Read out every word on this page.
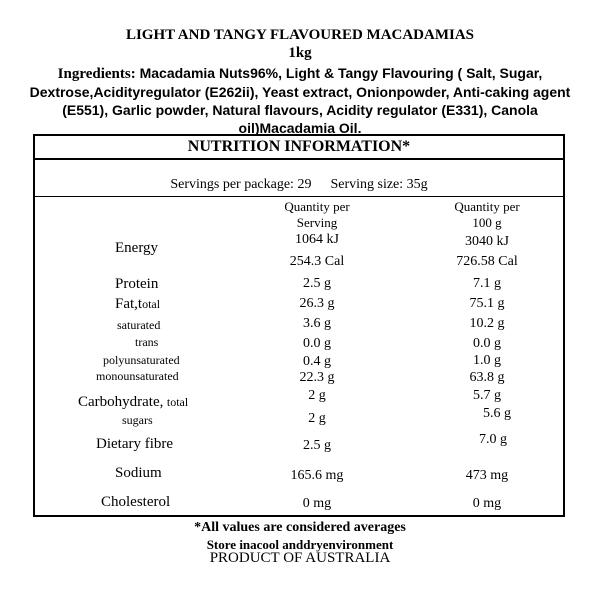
LIGHT AND TANGY FLAVOURED MACADAMIAS
1kg
Ingredients: Macadamia Nuts96%, Light & Tangy Flavouring ( Salt, Sugar, Dextrose,Acidityregulator (E262ii), Yeast extract, Onionpowder, Anti-caking agent (E551), Garlic powder, Natural flavours, Acidity regulator (E331), Canola oil)Macadamia Oil.
NUTRITION INFORMATION*
Servings per package: 29 Serving size: 35g
Quantity per
Serving
Quantity per
100 g
Energy
1064 kJ	3040 kJ
254.3 Cal	726.58 Cal
Protein	2.5 g	7.1 g
Fat,total	26.3 g	75.1 g
saturated	3.6 g	10.2 g
trans	0.0 g	0.0 g
polyunsaturated	0.4 g	1.0 g
monounsaturated	22.3 g	63.8 g
Carbohydrate, total	2 g	5.7 g
sugars	2 g	5.6 g
Dietary fibre	2.5 g	7.0 g
Sodium	165.6 mg	473 mg
Cholesterol	0 mg	0 mg
*All values are considered averages
Store inacool anddryenvironment
PRODUCT OF AUSTRALIA
